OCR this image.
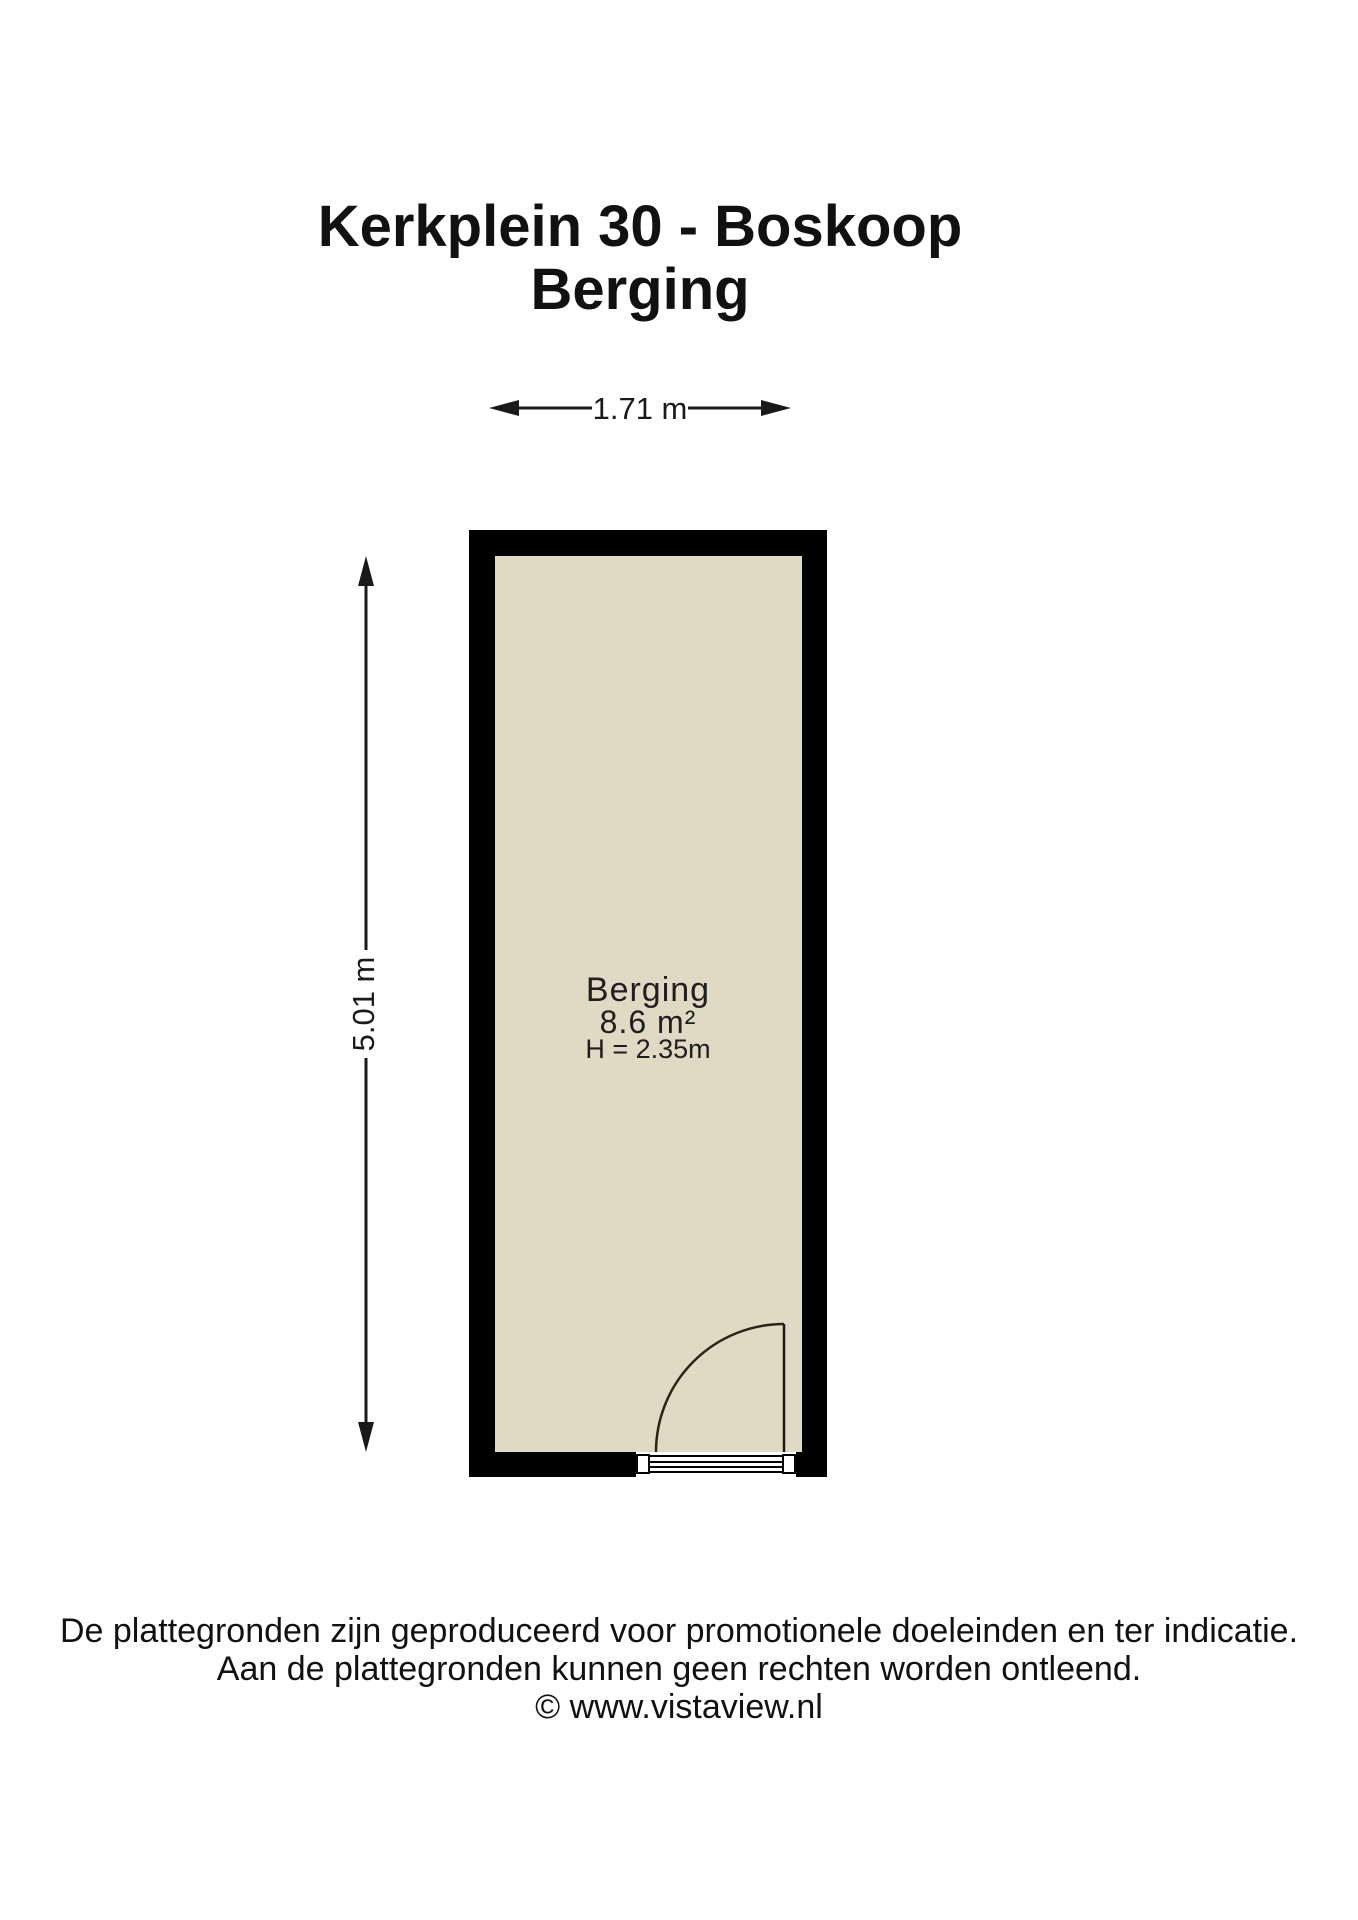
Kerkplein 30 - Boskoop
Berging
1.71 m
5.01 m	Berging
8.6 m²
H = 2.35m
De plattegronden zijn geproduceerd voor promotionele doeleinden en ter indicatie.
Aan de plattegronden kunnen geen rechten worden ontleend.
© www.vistaview.nl
